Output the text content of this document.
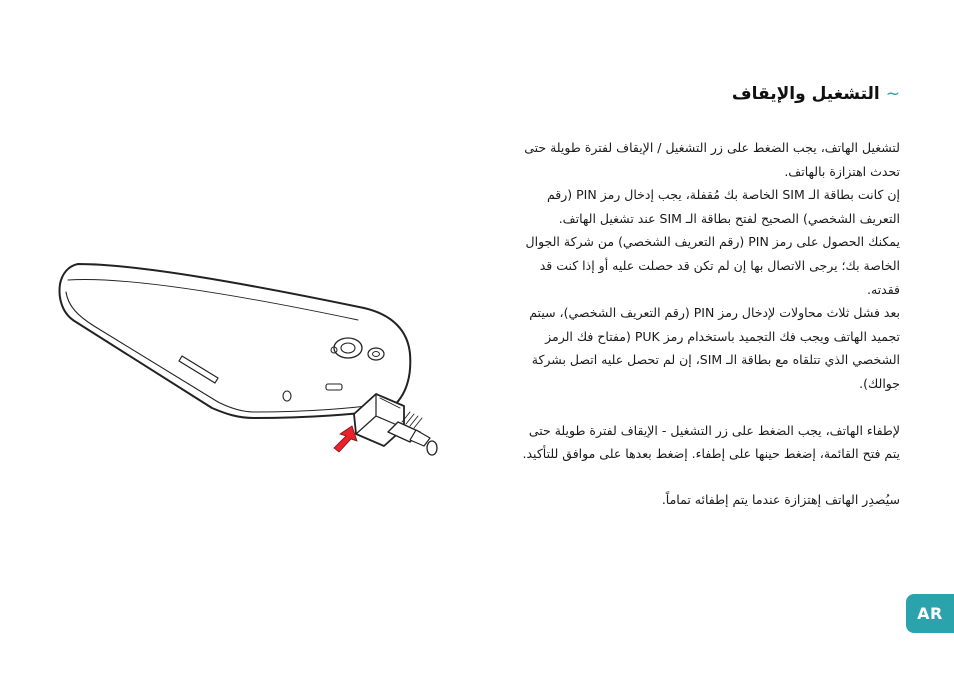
~التشغيل والإيقاف

لتشغيل الهاتف، يجب الضغط على زر التشغيل / الإيقاف لفترة طويلة حتى تحدث اهتزازة بالهاتف.

إن كانت بطاقة الـ SIM الخاصة بك مُقفلة، يجب إدخال رمز PIN (رقم التعريف الشخصي) الصحيح لفتح بطاقة الـ SIM عند تشغيل الهاتف.

يمكنك الحصول على رمز PIN (رقم التعريف الشخصي) من شركة الجوال الخاصة بك؛ يرجى الاتصال بها إن لم تكن قد حصلت عليه أو إذا كنت قد فقدته.

بعد فشل ثلاث محاولات لإدخال رمز PIN (رقم التعريف الشخصي)، سيتم تجميد الهاتف ويجب فك التجميد باستخدام رمز PUK (مفتاح فك الرمز الشخصي الذي تتلقاه مع بطاقة الـ SIM، إن لم تحصل عليه اتصل بشركة جوالك).

لإطفاء الهاتف، يجب الضغط على زر التشغيل - الإيقاف لفترة طويلة حتى يتم فتح القائمة، إضغط حينها على إطفاء. إضغط بعدها على موافق للتأكيد.

سيُصدِر الهاتف إهتزازة عندما يتم إطفائه تماماً.

AR
